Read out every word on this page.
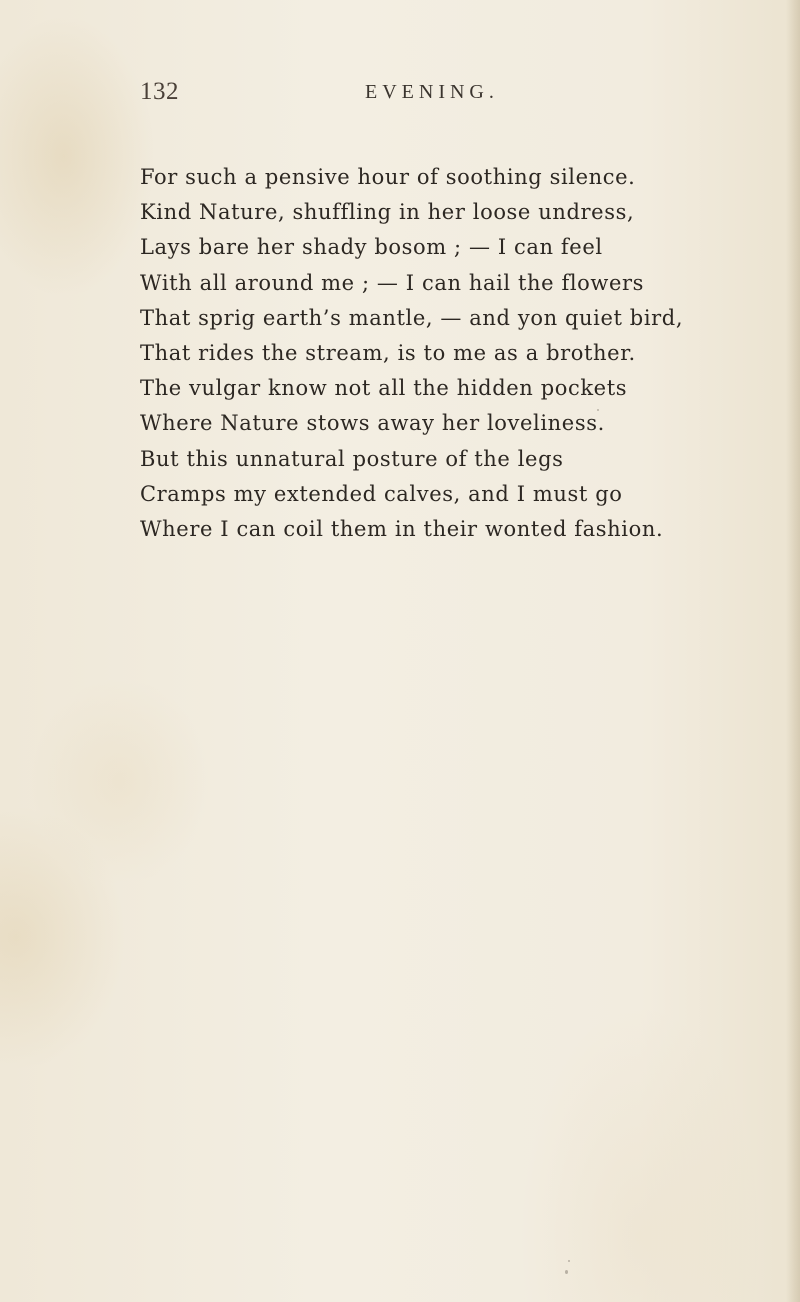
132	EVENING.
For such a pensive hour of soothing silence.
Kind Nature, shuffling in her loose undress,
Lays bare her shady bosom ; — I can feel
With all around me ; — I can hail the flowers
That sprig earth’s mantle, — and yon quiet bird,
That rides the stream, is to me as a brother.
The vulgar know not all the hidden pockets
Where Nature stows away her loveliness.
But this unnatural posture of the legs
Cramps my extended calves, and I must go
Where I can coil them in their wonted fashion.
